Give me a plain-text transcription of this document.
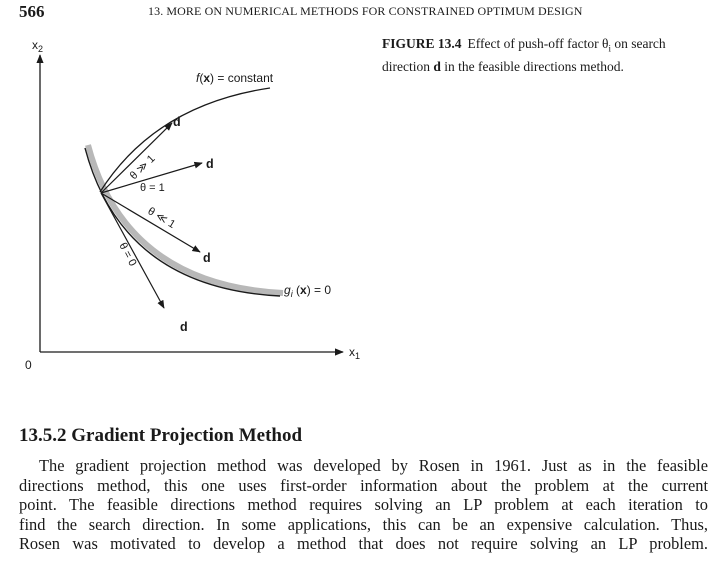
566	13. MORE ON NUMERICAL METHODS FOR CONSTRAINED OPTIMUM DESIGN
$x_2$
$x_1$
0
d
d
d
d
θ ≫ 1
θ = 1
θ ≪ 1
θ = 0
f(x) = constant
$g_i$ (x) = 0
FIGURE 13.4 Effect of push-off factor $\theta_i$ on search direction d in the feasible directions method.
13.5.2 Gradient Projection Method
The gradient projection method was developed by Rosen in 1961. Just as in the feasible
directions method, this one uses first-order information about the problem at the current
point. The feasible directions method requires solving an LP problem at each iteration to
find the search direction. In some applications, this can be an expensive calculation. Thus,
Rosen was motivated to develop a method that does not require solving an LP problem.
